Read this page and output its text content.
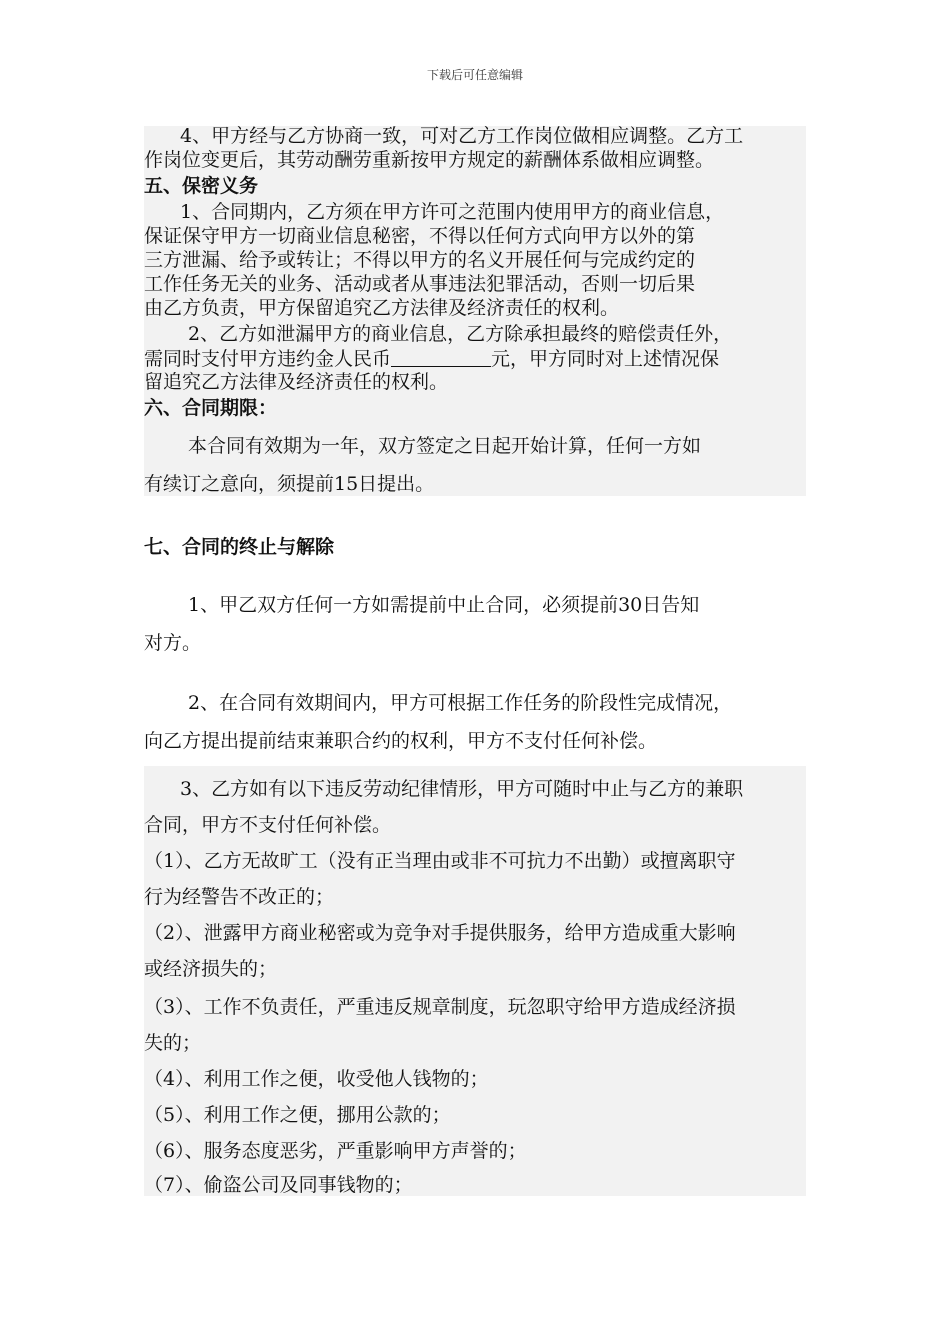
下载后可任意编辑
4、甲方经与乙方协商一致，可对乙方工作岗位做相应调整。乙方工
作岗位变更后，其劳动酬劳重新按甲方规定的薪酬体系做相应调整。
五、保密义务
1、合同期内，乙方须在甲方许可之范围内使用甲方的商业信息，
保证保守甲方一切商业信息秘密，不得以任何方式向甲方以外的第
三方泄漏、给予或转让；不得以甲方的名义开展任何与完成约定的
工作任务无关的业务、活动或者从事违法犯罪活动，否则一切后果
由乙方负责，甲方保留追究乙方法律及经济责任的权利。
2、乙方如泄漏甲方的商业信息，乙方除承担最终的赔偿责任外，
需同时支付甲方违约金人民币	元，甲方同时对上述情况保
留追究乙方法律及经济责任的权利。
六、合同期限：
本合同有效期为一年，双方签定之日起开始计算，任何一方如
有续订之意向，须提前15日提出。
七、合同的终止与解除
1、甲乙双方任何一方如需提前中止合同，必须提前30日告知
对方。
2、在合同有效期间内，甲方可根据工作任务的阶段性完成情况，
向乙方提出提前结束兼职合约的权利，甲方不支付任何补偿。
3、乙方如有以下违反劳动纪律情形，甲方可随时中止与乙方的兼职
合同，甲方不支付任何补偿。
（1）、乙方无故旷工（没有正当理由或非不可抗力不出勤）或擅离职守
行为经警告不改正的；
（2）、泄露甲方商业秘密或为竞争对手提供服务，给甲方造成重大影响
或经济损失的；
（3）、工作不负责任，严重违反规章制度，玩忽职守给甲方造成经济损
失的；
（4）、利用工作之便，收受他人钱物的；
（5）、利用工作之便，挪用公款的；
（6）、服务态度恶劣，严重影响甲方声誉的；
（7）、偷盗公司及同事钱物的；
